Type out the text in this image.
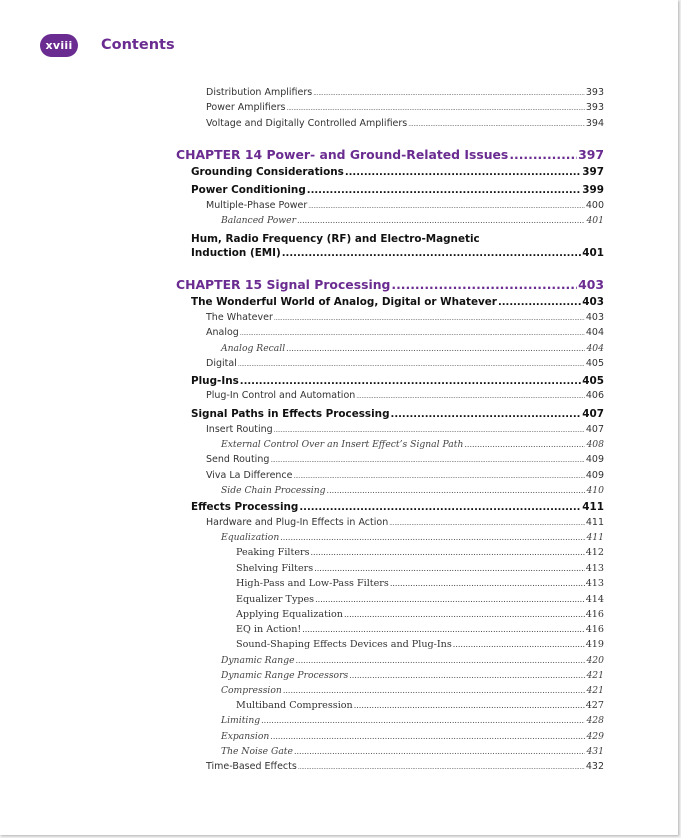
xviii	Contents
Distribution Amplifiers .....	393
Power Amplifiers .....	393
Voltage and Digitally Controlled Amplifiers .....	394
CHAPTER 14 Power- and Ground-Related Issues .....	397
Grounding Considerations .....	397
Power Conditioning .....	399
Multiple-Phase Power .....	400
Balanced Power .....	401
Hum, Radio Frequency (RF) and Electro-Magnetic
Induction (EMI) .....	401
CHAPTER 15 Signal Processing .....	403
The Wonderful World of Analog, Digital or Whatever .....	403
The Whatever .....	403
Analog .....	404
Analog Recall .....	404
Digital .....	405
Plug-Ins .....	405
Plug-In Control and Automation .....	406
Signal Paths in Effects Processing .....	407
Insert Routing .....	407
External Control Over an Insert Effect’s Signal Path .....	408
Send Routing .....	409
Viva La Difference .....	409
Side Chain Processing .....	410
Effects Processing .....	411
Hardware and Plug-In Effects in Action .....	411
Equalization .....	411
Peaking Filters .....	412
Shelving Filters .....	413
High-Pass and Low-Pass Filters .....	413
Equalizer Types .....	414
Applying Equalization .....	416
EQ in Action! .....	416
Sound-Shaping Effects Devices and Plug-Ins .....	419
Dynamic Range .....	420
Dynamic Range Processors .....	421
Compression .....	421
Multiband Compression .....	427
Limiting .....	428
Expansion .....	429
The Noise Gate .....	431
Time-Based Effects .....	432
